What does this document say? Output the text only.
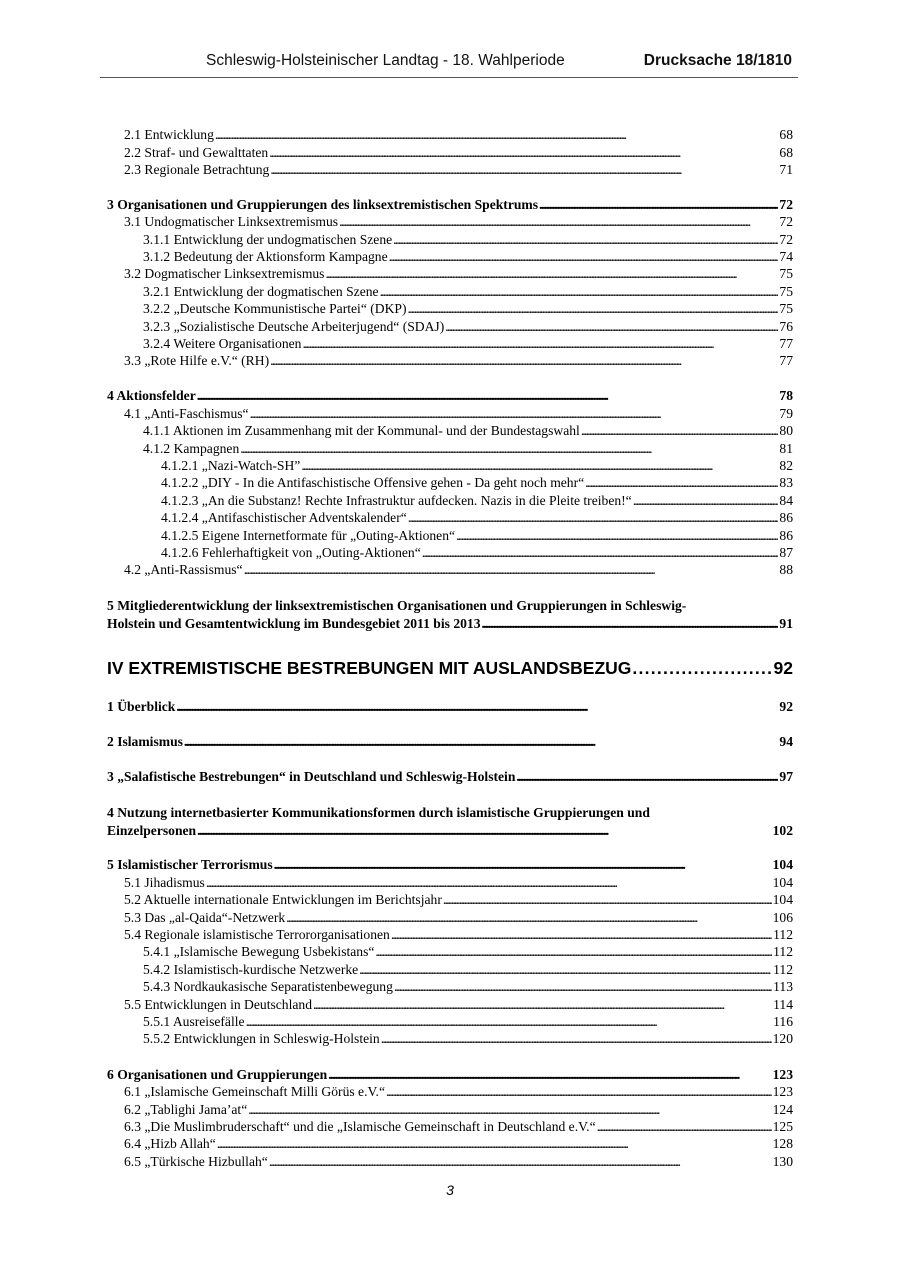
Schleswig-Holsteinischer Landtag - 18. Wahlperiode	Drucksache 18/1810
2.1 Entwicklung . . .	68
2.2 Straf- und Gewalttaten . . .	68
2.3 Regionale Betrachtung . . .	71
3 Organisationen und Gruppierungen des linksextremistischen Spektrums . . .	72
3.1 Undogmatischer Linksextremismus . . .	72
3.1.1 Entwicklung der undogmatischen Szene . . .	72
3.1.2 Bedeutung der Aktionsform Kampagne . . .	74
3.2 Dogmatischer Linksextremismus . . .	75
3.2.1 Entwicklung der dogmatischen Szene . . .	75
3.2.2 „Deutsche Kommunistische Partei“ (DKP) . . .	75
3.2.3 „Sozialistische Deutsche Arbeiterjugend“ (SDAJ) . . .	76
3.2.4 Weitere Organisationen . . .	77
3.3 „Rote Hilfe e.V.“ (RH) . . .	77
4 Aktionsfelder . . .	78
4.1 „Anti-Faschismus“ . . .	79
4.1.1 Aktionen im Zusammenhang mit der Kommunal- und der Bundestagswahl . . .	80
4.1.2 Kampagnen . . .	81
4.1.2.1 „Nazi-Watch-SH” . . .	82
4.1.2.2 „DIY - In die Antifaschistische Offensive gehen - Da geht noch mehr“ . . .	83
4.1.2.3 „An die Substanz! Rechte Infrastruktur aufdecken. Nazis in die Pleite treiben!“ . . .	84
4.1.2.4 „Antifaschistischer Adventskalender“ . . .	86
4.1.2.5 Eigene Internetformate für „Outing-Aktionen“ . . .	86
4.1.2.6 Fehlerhaftigkeit von „Outing-Aktionen“ . . .	87
4.2 „Anti-Rassismus“ . . .	88
5 Mitgliederentwicklung der linksextremistischen Organisationen und Gruppierungen in Schleswig-
Holstein und Gesamtentwicklung im Bundesgebiet 2011 bis 2013 . . .	91
IV EXTREMISTISCHE BESTREBUNGEN MIT AUSLANDSBEZUG . . .	92
1 Überblick . . .	92
2 Islamismus . . .	94
3 „Salafistische Bestrebungen“ in Deutschland und Schleswig-Holstein . . .	97
4 Nutzung internetbasierter Kommunikationsformen durch islamistische Gruppierungen und
Einzelpersonen . . .	102
5 Islamistischer Terrorismus . . .	104
5.1 Jihadismus . . .	104
5.2 Aktuelle internationale Entwicklungen im Berichtsjahr . . .	104
5.3 Das „al-Qaida“-Netzwerk . . .	106
5.4 Regionale islamistische Terrororganisationen . . .	112
5.4.1 „Islamische Bewegung Usbekistans“ . . .	112
5.4.2 Islamistisch-kurdische Netzwerke . . .	112
5.4.3 Nordkaukasische Separatistenbewegung . . .	113
5.5 Entwicklungen in Deutschland . . .	114
5.5.1 Ausreisefälle . . .	116
5.5.2 Entwicklungen in Schleswig-Holstein . . .	120
6 Organisationen und Gruppierungen . . .	123
6.1 „Islamische Gemeinschaft Milli Görüs e.V.“ . . .	123
6.2 „Tablighi Jama’at“ . . .	124
6.3 „Die Muslimbruderschaft“ und die „Islamische Gemeinschaft in Deutschland e.V.“ . . .	125
6.4 „Hizb Allah“ . . .	128
6.5 „Türkische Hizbullah“ . . .	130
3
